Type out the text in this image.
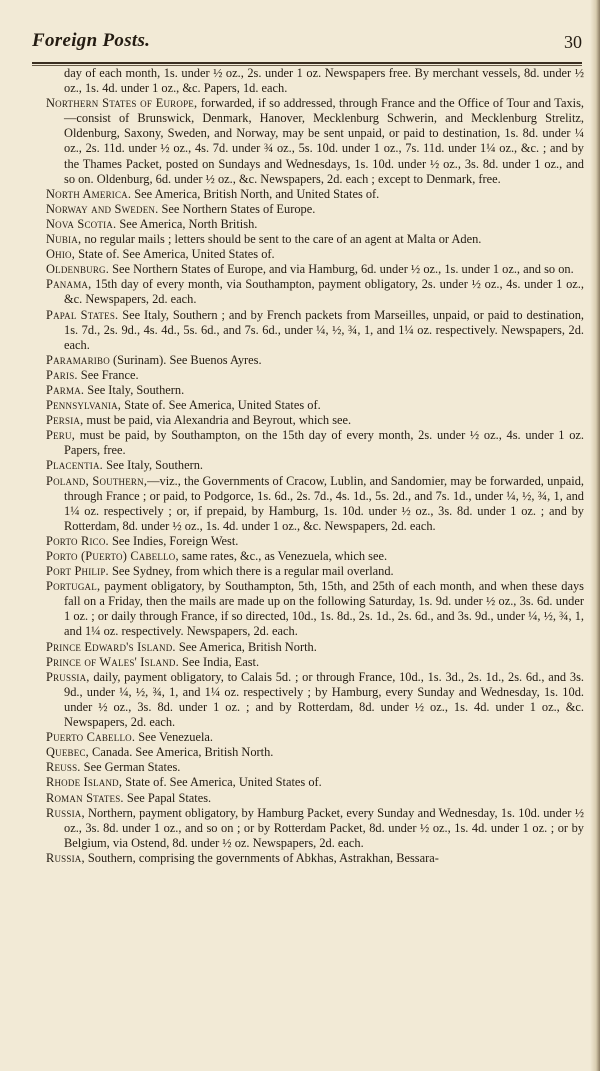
Foreign Posts.	30

day of each month, 1s. under ½ oz., 2s. under 1 oz. Newspapers free. By merchant vessels, 8d. under ½ oz., 1s. 4d. under 1 oz., &c. Papers, 1d. each.

Northern States of Europe, forwarded, if so addressed, through France and the Office of Tour and Taxis,—consist of Brunswick, Denmark, Hanover, Mecklenburg Schwerin, and Mecklenburg Strelitz, Oldenburg, Saxony, Sweden, and Norway, may be sent unpaid, or paid to destination, 1s. 8d. under ¼ oz., 2s. 11d. under ½ oz., 4s. 7d. under ¾ oz., 5s. 10d. under 1 oz., 7s. 11d. under 1¼ oz., &c. ; and by the Thames Packet, posted on Sundays and Wednesdays, 1s. 10d. under ½ oz., 3s. 8d. under 1 oz., and so on. Oldenburg, 6d. under ½ oz., &c. Newspapers, 2d. each ; except to Denmark, free.

North America. See America, British North, and United States of.

Norway and Sweden. See Northern States of Europe.

Nova Scotia. See America, North British.

Nubia, no regular mails ; letters should be sent to the care of an agent at Malta or Aden.

Ohio, State of. See America, United States of.

Oldenburg. See Northern States of Europe, and via Hamburg, 6d. under ½ oz., 1s. under 1 oz., and so on.

Panama, 15th day of every month, via Southampton, payment obligatory, 2s. under ½ oz., 4s. under 1 oz., &c. Newspapers, 2d. each.

Papal States. See Italy, Southern ; and by French packets from Marseilles, unpaid, or paid to destination, 1s. 7d., 2s. 9d., 4s. 4d., 5s. 6d., and 7s. 6d., under ¼, ½, ¾, 1, and 1¼ oz. respectively. Newspapers, 2d. each.

Paramaribo (Surinam). See Buenos Ayres.

Paris. See France.

Parma. See Italy, Southern.

Pennsylvania, State of. See America, United States of.

Persia, must be paid, via Alexandria and Beyrout, which see.

Peru, must be paid, by Southampton, on the 15th day of every month, 2s. under ½ oz., 4s. under 1 oz. Papers, free.

Placentia. See Italy, Southern.

Poland, Southern,—viz., the Governments of Cracow, Lublin, and Sandomier, may be forwarded, unpaid, through France ; or paid, to Podgorce, 1s. 6d., 2s. 7d., 4s. 1d., 5s. 2d., and 7s. 1d., under ¼, ½, ¾, 1, and 1¼ oz. respectively ; or, if prepaid, by Hamburg, 1s. 10d. under ½ oz., 3s. 8d. under 1 oz. ; and by Rotterdam, 8d. under ½ oz., 1s. 4d. under 1 oz., &c. Newspapers, 2d. each.

Porto Rico. See Indies, Foreign West.

Porto (Puerto) Cabello, same rates, &c., as Venezuela, which see.

Port Philip. See Sydney, from which there is a regular mail overland.

Portugal, payment obligatory, by Southampton, 5th, 15th, and 25th of each month, and when these days fall on a Friday, then the mails are made up on the following Saturday, 1s. 9d. under ½ oz., 3s. 6d. under 1 oz. ; or daily through France, if so directed, 10d., 1s. 8d., 2s. 1d., 2s. 6d., and 3s. 9d., under ¼, ½, ¾, 1, and 1¼ oz. respectively. Newspapers, 2d. each.

Prince Edward's Island. See America, British North.

Prince of Wales' Island. See India, East.

Prussia, daily, payment obligatory, to Calais 5d. ; or through France, 10d., 1s. 3d., 2s. 1d., 2s. 6d., and 3s. 9d., under ¼, ½, ¾, 1, and 1¼ oz. respectively ; by Hamburg, every Sunday and Wednesday, 1s. 10d. under ½ oz., 3s. 8d. under 1 oz. ; and by Rotterdam, 8d. under ½ oz., 1s. 4d. under 1 oz., &c. Newspapers, 2d. each.

Puerto Cabello. See Venezuela.

Quebec, Canada. See America, British North.

Reuss. See German States.

Rhode Island, State of. See America, United States of.

Roman States. See Papal States.

Russia, Northern, payment obligatory, by Hamburg Packet, every Sunday and Wednesday, 1s. 10d. under ½ oz., 3s. 8d. under 1 oz., and so on ; or by Rotterdam Packet, 8d. under ½ oz., 1s. 4d. under 1 oz. ; or by Belgium, via Ostend, 8d. under ½ oz. Newspapers, 2d. each.

Russia, Southern, comprising the governments of Abkhas, Astrakhan, Bessara-
